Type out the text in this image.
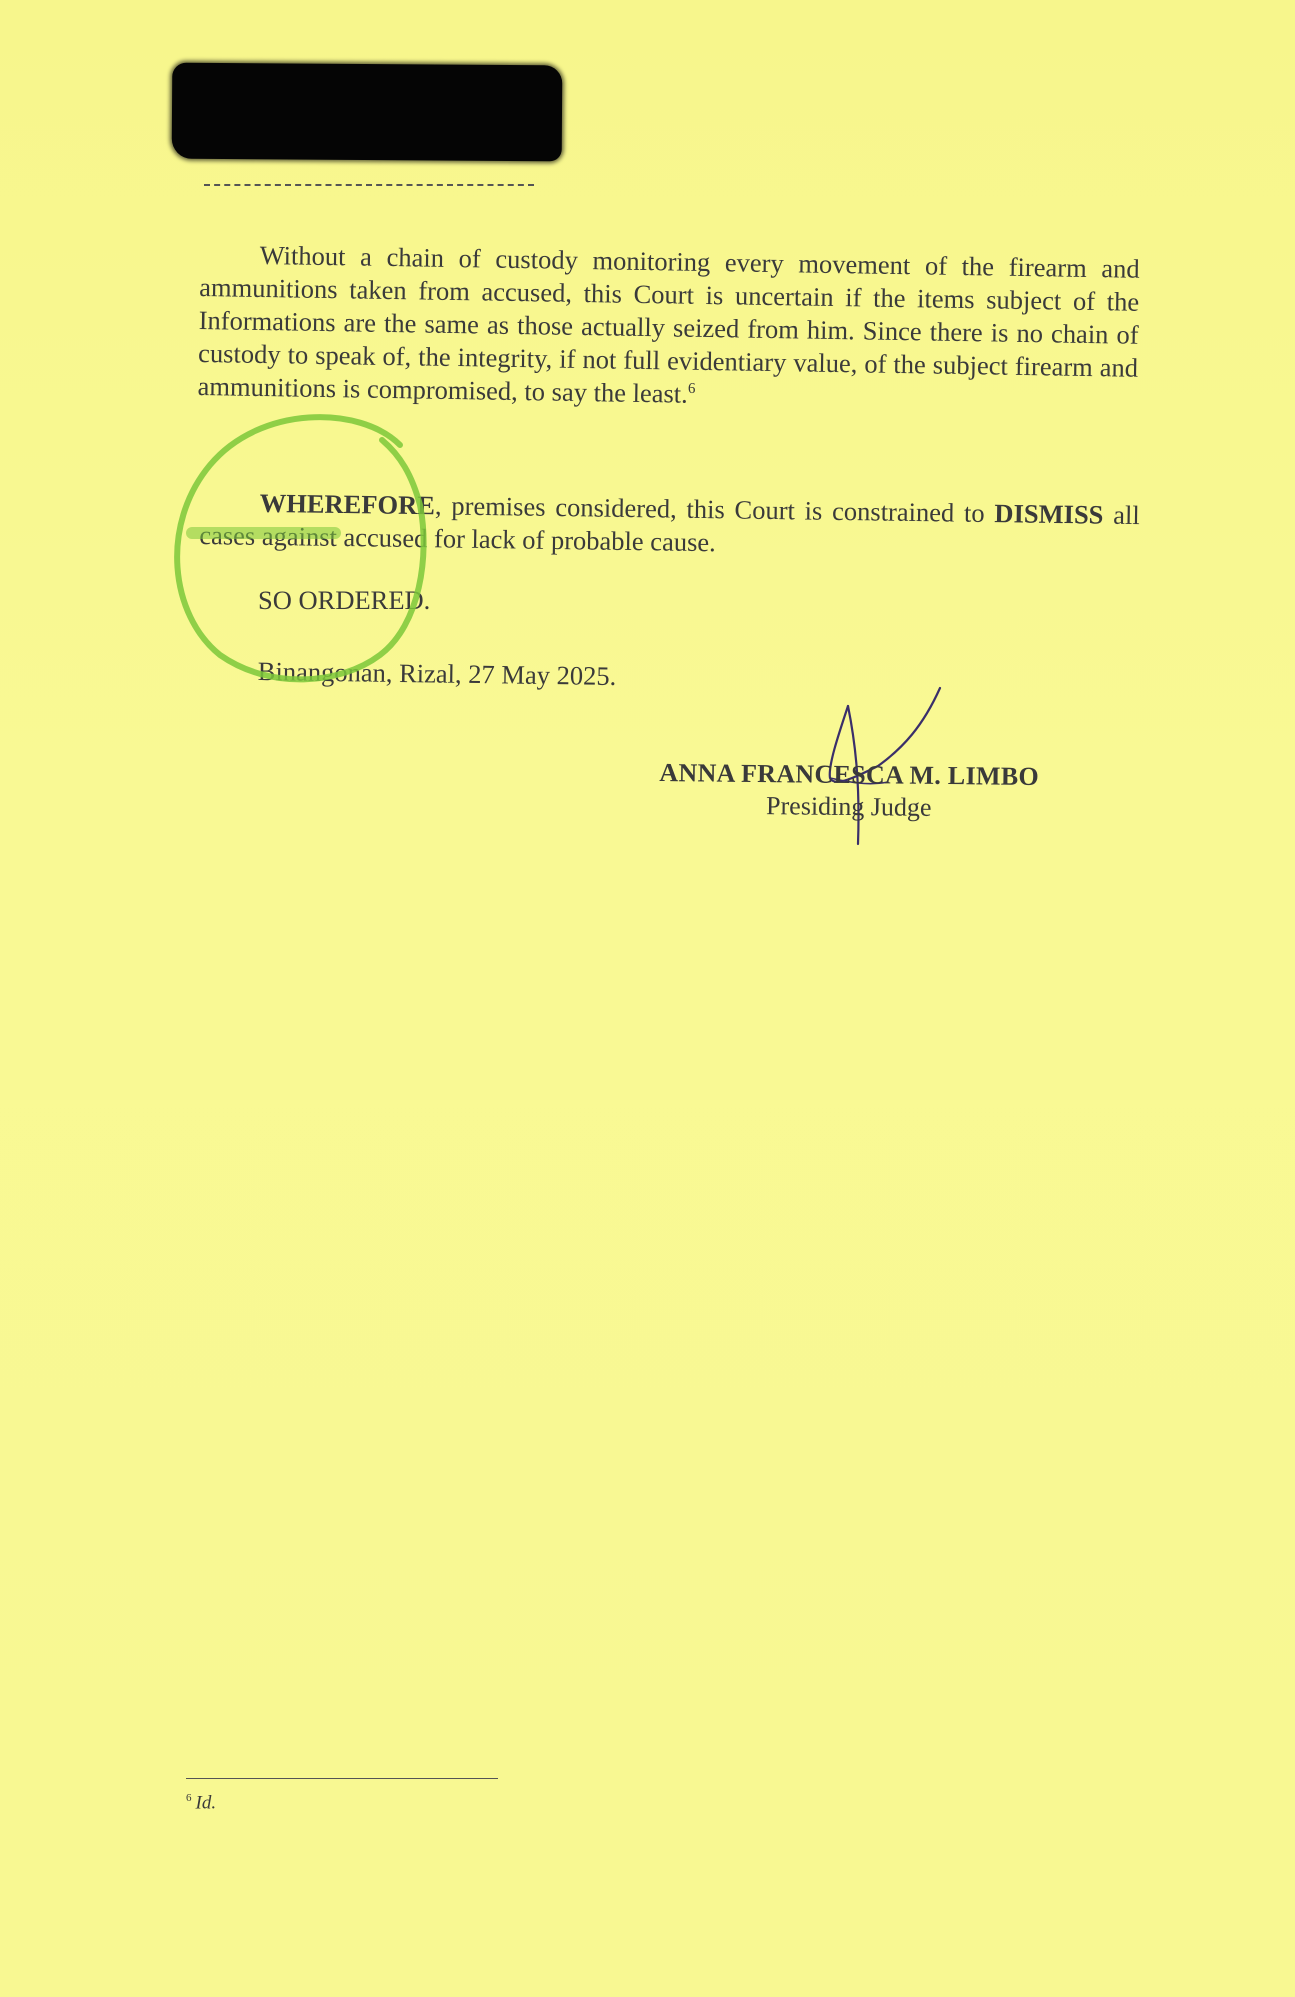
Without a chain of custody monitoring every movement of the firearm and ammunitions taken from accused, this Court is uncertain if the items subject of the Informations are the same as those actually seized from him. Since there is no chain of custody to speak of, the integrity, if not full evidentiary value, of the subject firearm and ammunitions is compromised, to say the least.$^6$

WHEREFORE, premises considered, this Court is constrained to DISMISS all cases against accused for lack of probable cause.

SO ORDERED.
Binangonan, Rizal, 27 May 2025.
ANNA FRANCESCA M. LIMBO
Presiding Judge
$^6$ Id.
